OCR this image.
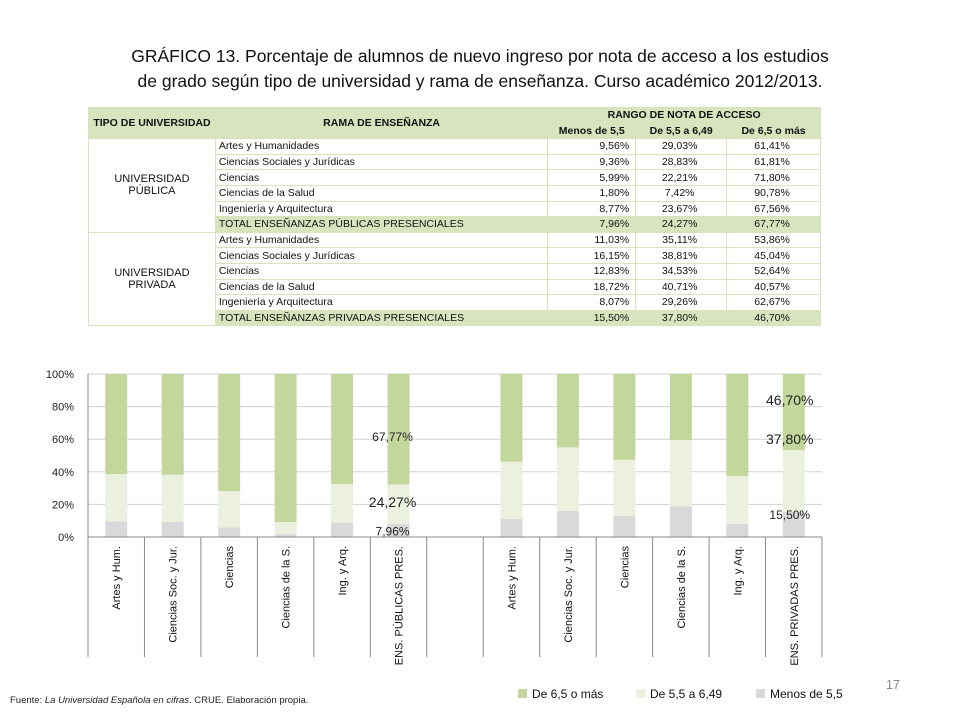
GRÁFICO 13. Porcentaje de alumnos de nuevo ingreso por nota de acceso a los estudios
de grado según tipo de universidad y rama de enseñanza. Curso académico 2012/2013.
TIPO DE UNIVERSIDAD	RAMA DE ENSEÑANZA	RANGO DE NOTA DE ACCESO		
		Menos de 5,5	De 5,5 a 6,49	De 6,5 o más
UNIVERSIDAD PÚBLICA	Artes y Humanidades	9,56%	29,03%	61,41%
	Ciencias Sociales y Jurídicas	9,36%	28,83%	61,81%
	Ciencias	5,99%	22,21%	71,80%
	Ciencias de la Salud	1,80%	7,42%	90,78%
	Ingeniería y Arquitectura	8,77%	23,67%	67,56%
	TOTAL ENSEÑANZAS PÚBLICAS PRESENCIALES	7,96%	24,27%	67,77%
UNIVERSIDAD PRIVADA	Artes y Humanidades	11,03%	35,11%	53,86%
	Ciencias Sociales y Jurídicas	16,15%	38,81%	45,04%
	Ciencias	12,83%	34,53%	52,64%
	Ciencias de la Salud	18,72%	40,71%	40,57%
	Ingeniería y Arquitectura	8,07%	29,26%	62,67%
	TOTAL ENSEÑANZAS PRIVADAS PRESENCIALES	15,50%	37,80%	46,70%
0%
20%
40%
60%
80%
100%
Artes y Hum.	Ciencias Soc. y Jur.	Ciencias	Ciencias de la S.	Ing. y Arq.	ENS. PÚBLICAS PRES.	Artes y Hum.	Ciencias Soc. y Jur.	Ciencias	Ciencias de la S.	Ing. y Arq.	ENS. PRIVADAS PRES.
67,77%
24,27%
7,96%
46,70%
37,80%
15,50%
De 6,5 o más	De 5,5 a 6,49	Menos de 5,5
Fuente: La Universidad Española en cifras. CRUE. Elaboración propia.
17
